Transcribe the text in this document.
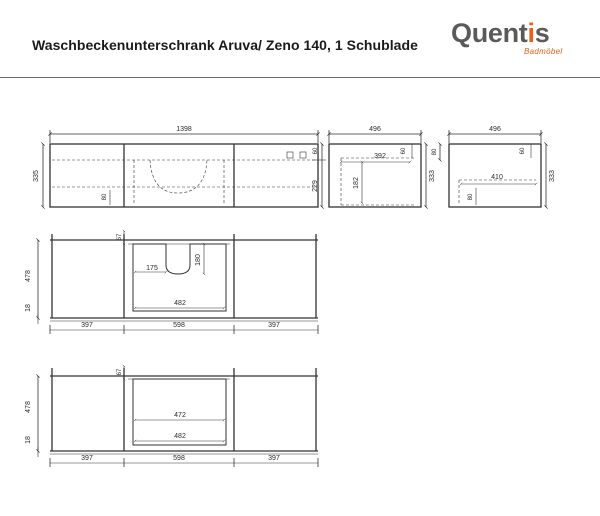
Waschbeckenunterschrank Aruva/ Zeno 140, 1 Schublade Quentis
Badmöbel
1398
335
229
60
80
496
392
182
60
333
496
410
60
80
80
333
478
18
67
175
180
482
397	598	397
478
18
67
472
482
397	598	397
